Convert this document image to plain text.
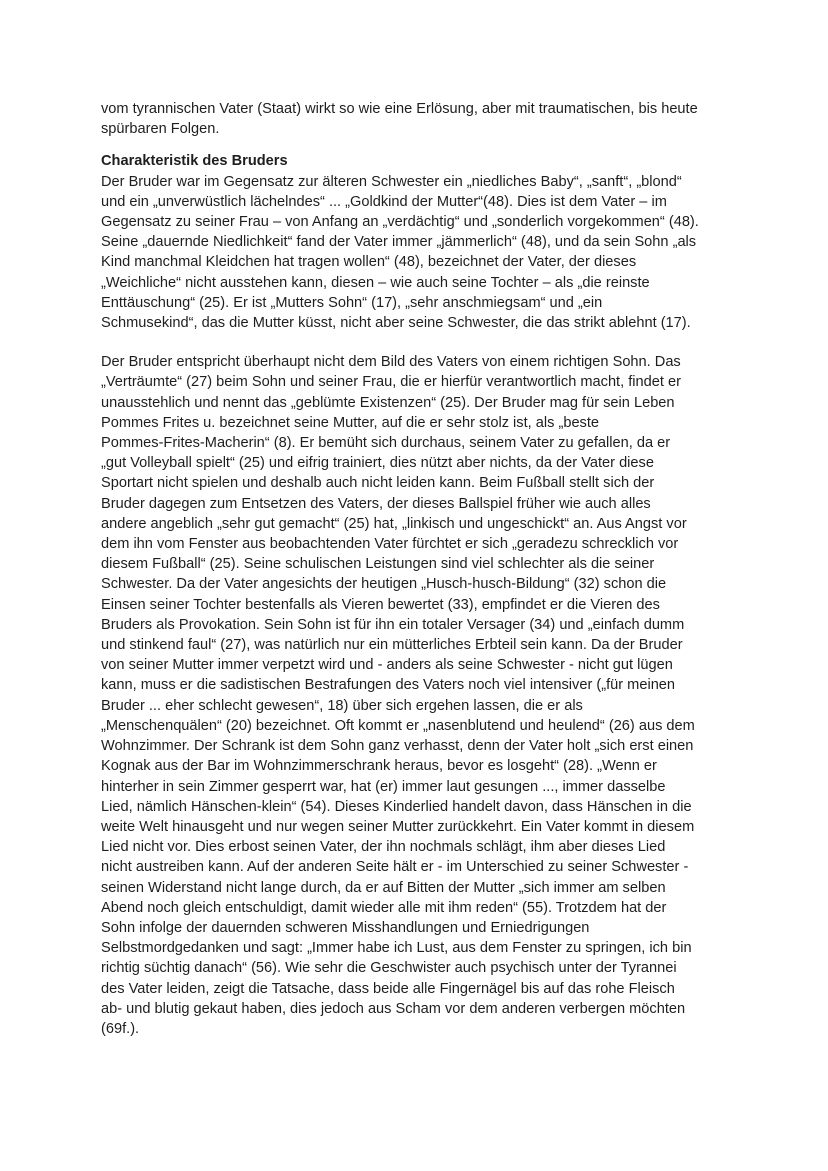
vom tyrannischen Vater (Staat) wirkt so wie eine Erlösung, aber mit traumatischen, bis heute
spürbaren Folgen.
Charakteristik des Bruders
Der Bruder war im Gegensatz zur älteren Schwester ein „niedliches Baby“, „sanft“, „blond“
und ein „unverwüstlich lächelndes“ ... „Goldkind der Mutter“(48). Dies ist dem Vater – im
Gegensatz zu seiner Frau – von Anfang an „verdächtig“ und „sonderlich vorgekommen“ (48).
Seine „dauernde Niedlichkeit“ fand der Vater immer „jämmerlich“ (48), und da sein Sohn „als
Kind manchmal Kleidchen hat tragen wollen“ (48), bezeichnet der Vater, der dieses
„Weichliche“ nicht ausstehen kann, diesen – wie auch seine Tochter – als „die reinste
Enttäuschung“ (25). Er ist „Mutters Sohn“ (17), „sehr anschmiegsam“ und „ein
Schmusekind“, das die Mutter küsst, nicht aber seine Schwester, die das strikt ablehnt (17).
Der Bruder entspricht überhaupt nicht dem Bild des Vaters von einem richtigen Sohn. Das
„Verträumte“ (27) beim Sohn und seiner Frau, die er hierfür verantwortlich macht, findet er
unausstehlich und nennt das „geblümte Existenzen“ (25). Der Bruder mag für sein Leben
Pommes Frites u. bezeichnet seine Mutter, auf die er sehr stolz ist, als „beste
Pommes-Frites-Macherin“ (8). Er bemüht sich durchaus, seinem Vater zu gefallen, da er
„gut Volleyball spielt“ (25) und eifrig trainiert, dies nützt aber nichts, da der Vater diese
Sportart nicht spielen und deshalb auch nicht leiden kann. Beim Fußball stellt sich der
Bruder dagegen zum Entsetzen des Vaters, der dieses Ballspiel früher wie auch alles
andere angeblich „sehr gut gemacht“ (25) hat, „linkisch und ungeschickt“ an. Aus Angst vor
dem ihn vom Fenster aus beobachtenden Vater fürchtet er sich „geradezu schrecklich vor
diesem Fußball“ (25). Seine schulischen Leistungen sind viel schlechter als die seiner
Schwester. Da der Vater angesichts der heutigen „Husch-husch-Bildung“ (32) schon die
Einsen seiner Tochter bestenfalls als Vieren bewertet (33), empfindet er die Vieren des
Bruders als Provokation. Sein Sohn ist für ihn ein totaler Versager (34) und „einfach dumm
und stinkend faul“ (27), was natürlich nur ein mütterliches Erbteil sein kann. Da der Bruder
von seiner Mutter immer verpetzt wird und - anders als seine Schwester - nicht gut lügen
kann, muss er die sadistischen Bestrafungen des Vaters noch viel intensiver („für meinen
Bruder ... eher schlecht gewesen“, 18) über sich ergehen lassen, die er als
„Menschenquälen“ (20) bezeichnet. Oft kommt er „nasenblutend und heulend“ (26) aus dem
Wohnzimmer. Der Schrank ist dem Sohn ganz verhasst, denn der Vater holt „sich erst einen
Kognak aus der Bar im Wohnzimmerschrank heraus, bevor es losgeht“ (28). „Wenn er
hinterher in sein Zimmer gesperrt war, hat (er) immer laut gesungen ..., immer dasselbe
Lied, nämlich Hänschen-klein“ (54). Dieses Kinderlied handelt davon, dass Hänschen in die
weite Welt hinausgeht und nur wegen seiner Mutter zurückkehrt. Ein Vater kommt in diesem
Lied nicht vor. Dies erbost seinen Vater, der ihn nochmals schlägt, ihm aber dieses Lied
nicht austreiben kann. Auf der anderen Seite hält er - im Unterschied zu seiner Schwester -
seinen Widerstand nicht lange durch, da er auf Bitten der Mutter „sich immer am selben
Abend noch gleich entschuldigt, damit wieder alle mit ihm reden“ (55). Trotzdem hat der
Sohn infolge der dauernden schweren Misshandlungen und Erniedrigungen
Selbstmordgedanken und sagt: „Immer habe ich Lust, aus dem Fenster zu springen, ich bin
richtig süchtig danach“ (56). Wie sehr die Geschwister auch psychisch unter der Tyrannei
des Vater leiden, zeigt die Tatsache, dass beide alle Fingernägel bis auf das rohe Fleisch
ab- und blutig gekaut haben, dies jedoch aus Scham vor dem anderen verbergen möchten
(69f.).
